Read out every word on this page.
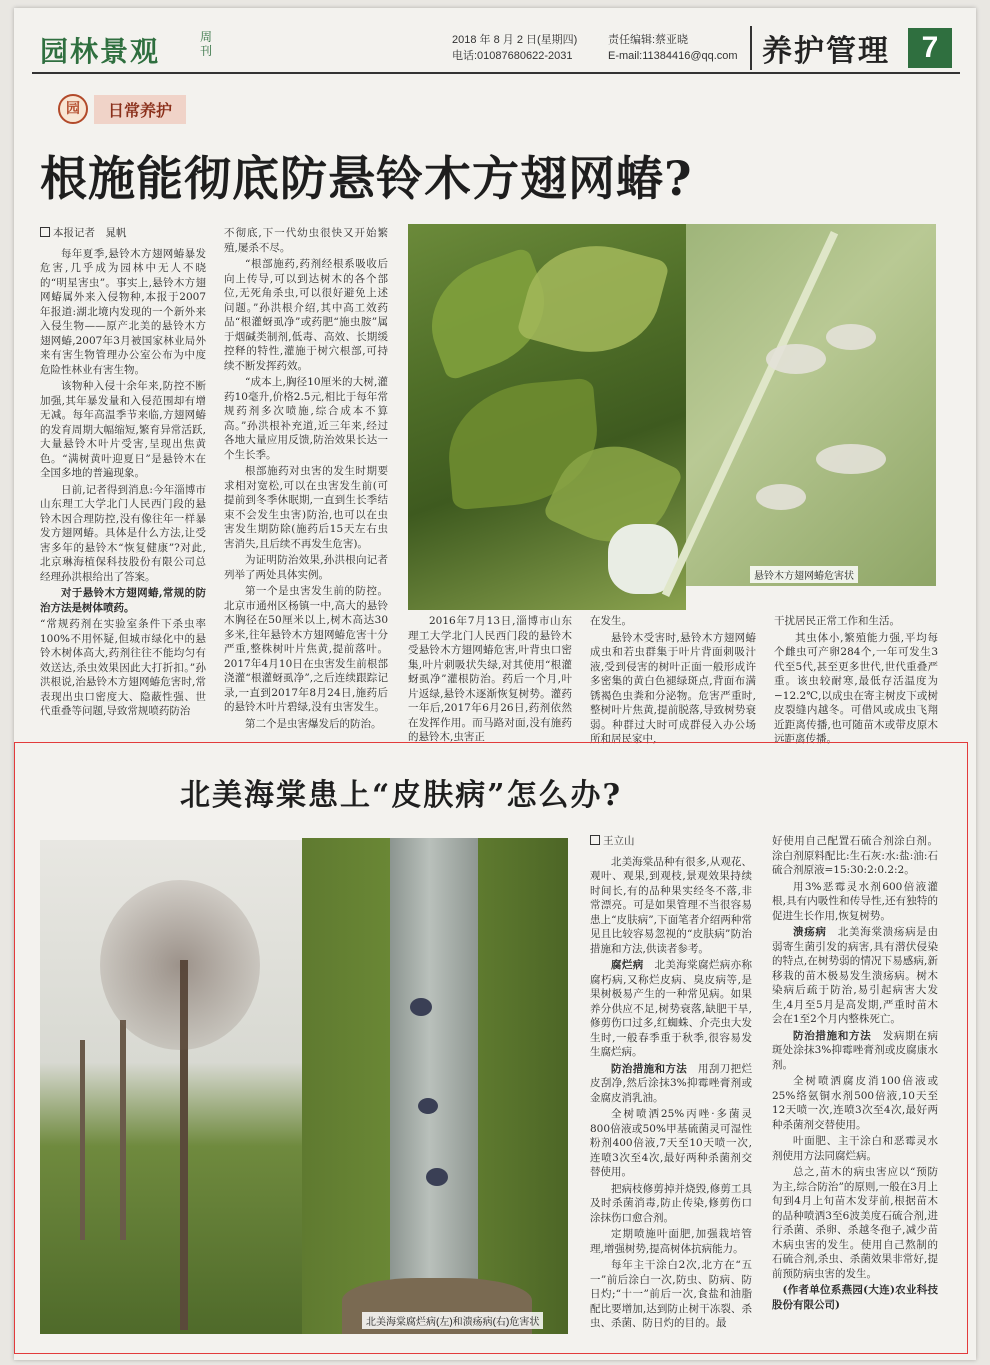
园林景观	周刊
2018 年 8 月 2 日(星期四)
电话:01087680622-2031
责任编辑:蔡亚晓
E-mail:11384416@qq.com 养护管理	7
园	日常养护
根施能彻底防悬铃木方翅网蝽?
本报记者　晁帆

每年夏季,悬铃木方翅网蝽暴发危害,几乎成为园林中无人不晓的“明星害虫”。事实上,悬铃木方翅网蝽属外来入侵物种,本报于2007年报道:湖北境内发现的一个新外来入侵生物——原产北美的悬铃木方翅网蝽,2007年3月被国家林业局外来有害生物管理办公室公布为中度危险性林业有害生物。

该物种入侵十余年来,防控不断加强,其年暴发量和入侵范围却有增无减。每年高温季节来临,方翅网蝽的发育周期大幅缩短,繁育异常活跃,大量悬铃木叶片受害,呈现出焦黄色。“满树黄叶迎夏日”是悬铃木在全国多地的普遍现象。

日前,记者得到消息:今年淄博市山东理工大学北门人民西门段的悬铃木因合理防控,没有像往年一样暴发方翅网蝽。具体是什么方法,让受害多年的悬铃木“恢复健康”?对此,北京琳海植保科技股份有限公司总经理孙洪根给出了答案。

对于悬铃木方翅网蝽,常规的防治方法是树体喷药。

“常规药剂在实验室条件下杀虫率100%不用怀疑,但城市绿化中的悬铃木树体高大,药剂往往不能均匀有效送达,杀虫效果因此大打折扣。”孙洪根说,治悬铃木方翅网蝽危害时,常表现出虫口密度大、隐蔽性强、世代重叠等问题,导致常规喷药防治

不彻底,下一代幼虫很快又开始繁殖,屡杀不尽。

“根部施药,药剂经根系吸收后向上传导,可以到达树木的各个部位,无死角杀虫,可以很好避免上述问题。”孙洪根介绍,其中高工效药品“根灌蚜虱净”或药肥“施虫胺”属于烟碱类制剂,低毒、高效、长期缓控释的特性,灌施于树穴根部,可持续不断发挥药效。

“成本上,胸径10厘米的大树,灌药10毫升,价格2.5元,相比于每年常规药剂多次喷施,综合成本不算高。”孙洪根补充道,近三年来,经过各地大量应用反馈,防治效果长达一个生长季。

根部施药对虫害的发生时期要求相对宽松,可以在虫害发生前(可提前到冬季休眠期,一直到生长季结束不会发生虫害)防治,也可以在虫害发生期防除(施药后15天左右虫害消失,且后续不再发生危害)。

为证明防治效果,孙洪根向记者列举了两处具体实例。

第一个是虫害发生前的防控。北京市通州区杨镇一中,高大的悬铃木胸径在50厘米以上,树木高达30多米,往年悬铃木方翅网蝽危害十分严重,整株树叶片焦黄,提前落叶。2017年4月10日在虫害发生前根部浇灌“根灌蚜虱净”,之后连续跟踪记录,一直到2017年8月24日,施药后的悬铃木叶片碧绿,没有虫害发生。

第二个是虫害爆发后的防治。

悬铃木方翅网蝽危害状

2016年7月13日,淄博市山东理工大学北门人民西门段的悬铃木受悬铃木方翅网蝽危害,叶背虫口密集,叶片刺吸状失绿,对其使用“根灌蚜虱净”灌根防治。药后一个月,叶片返绿,悬铃木逐渐恢复树势。灌药一年后,2017年6月26日,药剂依然在发挥作用。而马路对面,没有施药的悬铃木,虫害正

在发生。

悬铃木受害时,悬铃木方翅网蝽成虫和若虫群集于叶片背面刺吸汁液,受到侵害的树叶正面一般形成许多密集的黄白色褪绿斑点,背面布满锈褐色虫粪和分泌物。危害严重时,整树叶片焦黄,提前脱落,导致树势衰弱。种群过大时可成群侵入办公场所和居民家中,

干扰居民正常工作和生活。

其虫体小,繁殖能力强,平均每个雌虫可产卵284个,一年可发生3代至5代,甚至更多世代,世代重叠严重。该虫较耐寒,最低存活温度为−12.2℃,以成虫在寄主树皮下或树皮裂缝内越冬。可借风或成虫飞翔近距离传播,也可随苗木或带皮原木远距离传播。

北美海棠患上“皮肤病”怎么办?
北美海棠腐烂病(左)和溃疡病(右)危害状
王立山

北美海棠品种有很多,从观花、观叶、观果,到观枝,景观效果持续时间长,有的品种果实经冬不落,非常漂亮。可是如果管理不当很容易患上“皮肤病”,下面笔者介绍两种常见且比较容易忽视的“皮肤病”防治措施和方法,供读者参考。

腐烂病　 北美海棠腐烂病亦称腐朽病,又称烂皮病、臭皮病等,是果树极易产生的一种常见病。如果养分供应不足,树势衰落,缺肥干旱,修剪伤口过多,红蜘蛛、介壳虫大发生时,一般春季重于秋季,很容易发生腐烂病。

防治措施和方法　 用刮刀把烂皮刮净,然后涂抹3%抑霉唑膏剂或金腐皮消乳油。

全树喷洒25%丙唑·多菌灵800倍液或50%甲基硫菌灵可湿性粉剂400倍液,7天至10天喷一次,连喷3次至4次,最好两种杀菌剂交替使用。

把病枝修剪掉并烧毁,修剪工具及时杀菌消毒,防止传染,修剪伤口涂抹伤口愈合剂。

定期喷施叶面肥,加强栽培管理,增强树势,提高树体抗病能力。

每年主干涂白2次,北方在“五一”前后涂白一次,防虫、防病、防日灼;“十一”前后一次,食盐和油脂配比要增加,达到防止树干冻裂、杀虫、杀菌、防日灼的目的。最

好使用自己配置石硫合剂涂白剂。涂白剂原料配比:生石灰:水:盐:油:石硫合剂原液=15:30:2:0.2:2。

用3%恶霉灵水剂600倍液灌根,具有内吸性和传导性,还有独特的促进生长作用,恢复树势。

溃疡病　 北美海棠溃疡病是由弱寄生菌引发的病害,具有潜伏侵染的特点,在树势弱的情况下易感病,新移栽的苗木极易发生溃疡病。树木染病后疏于防治,易引起病害大发生,4月至5月是高发期,严重时苗木会在1至2个月内整株死亡。

防治措施和方法　 发病期在病斑处涂抹3%抑霉唑膏剂或皮腐康水剂。

全树喷洒腐皮消100倍液或25%络氨铜水剂500倍液,10天至12天喷一次,连喷3次至4次,最好两种杀菌剂交替使用。

叶面肥、主干涂白和恶霉灵水剂使用方法同腐烂病。

总之,苗木的病虫害应以“预防为主,综合防治”的原则,一般在3月上旬到4月上旬苗木发芽前,根据苗木的品种喷洒3至6波美度石硫合剂,进行杀菌、杀卵、杀越冬孢子,减少苗木病虫害的发生。使用自己熬制的石硫合剂,杀虫、杀菌效果非常好,提前预防病虫害的发生。

(作者单位系燕园(大连)农业科技股份有限公司)
